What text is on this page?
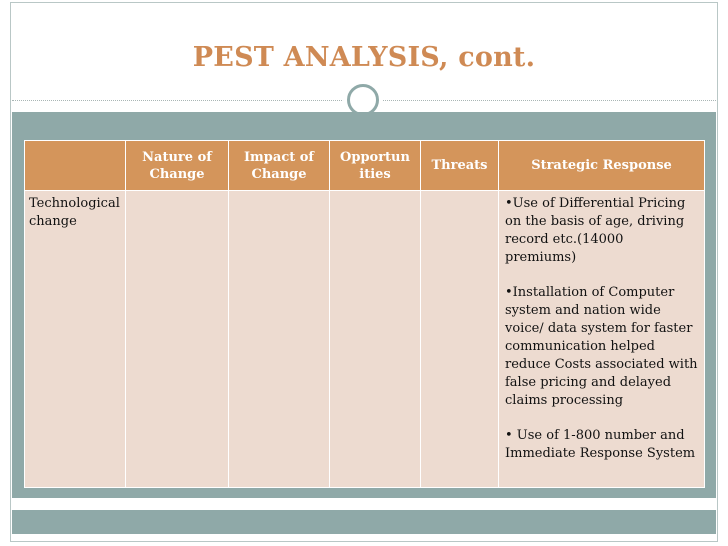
PEST ANALYSIS, cont.
	Nature of Change	Impact of Change	Opportun ities	Threats	Strategic Response
Technological change					•Use of Differential Pricing on the basis of age, driving record etc.(14000 premiums)
•Installation of Computer system and nation wide voice/ data system for faster communication helped reduce Costs associated with false pricing and delayed claims processing
• Use of 1-800 number and Immediate Response System
